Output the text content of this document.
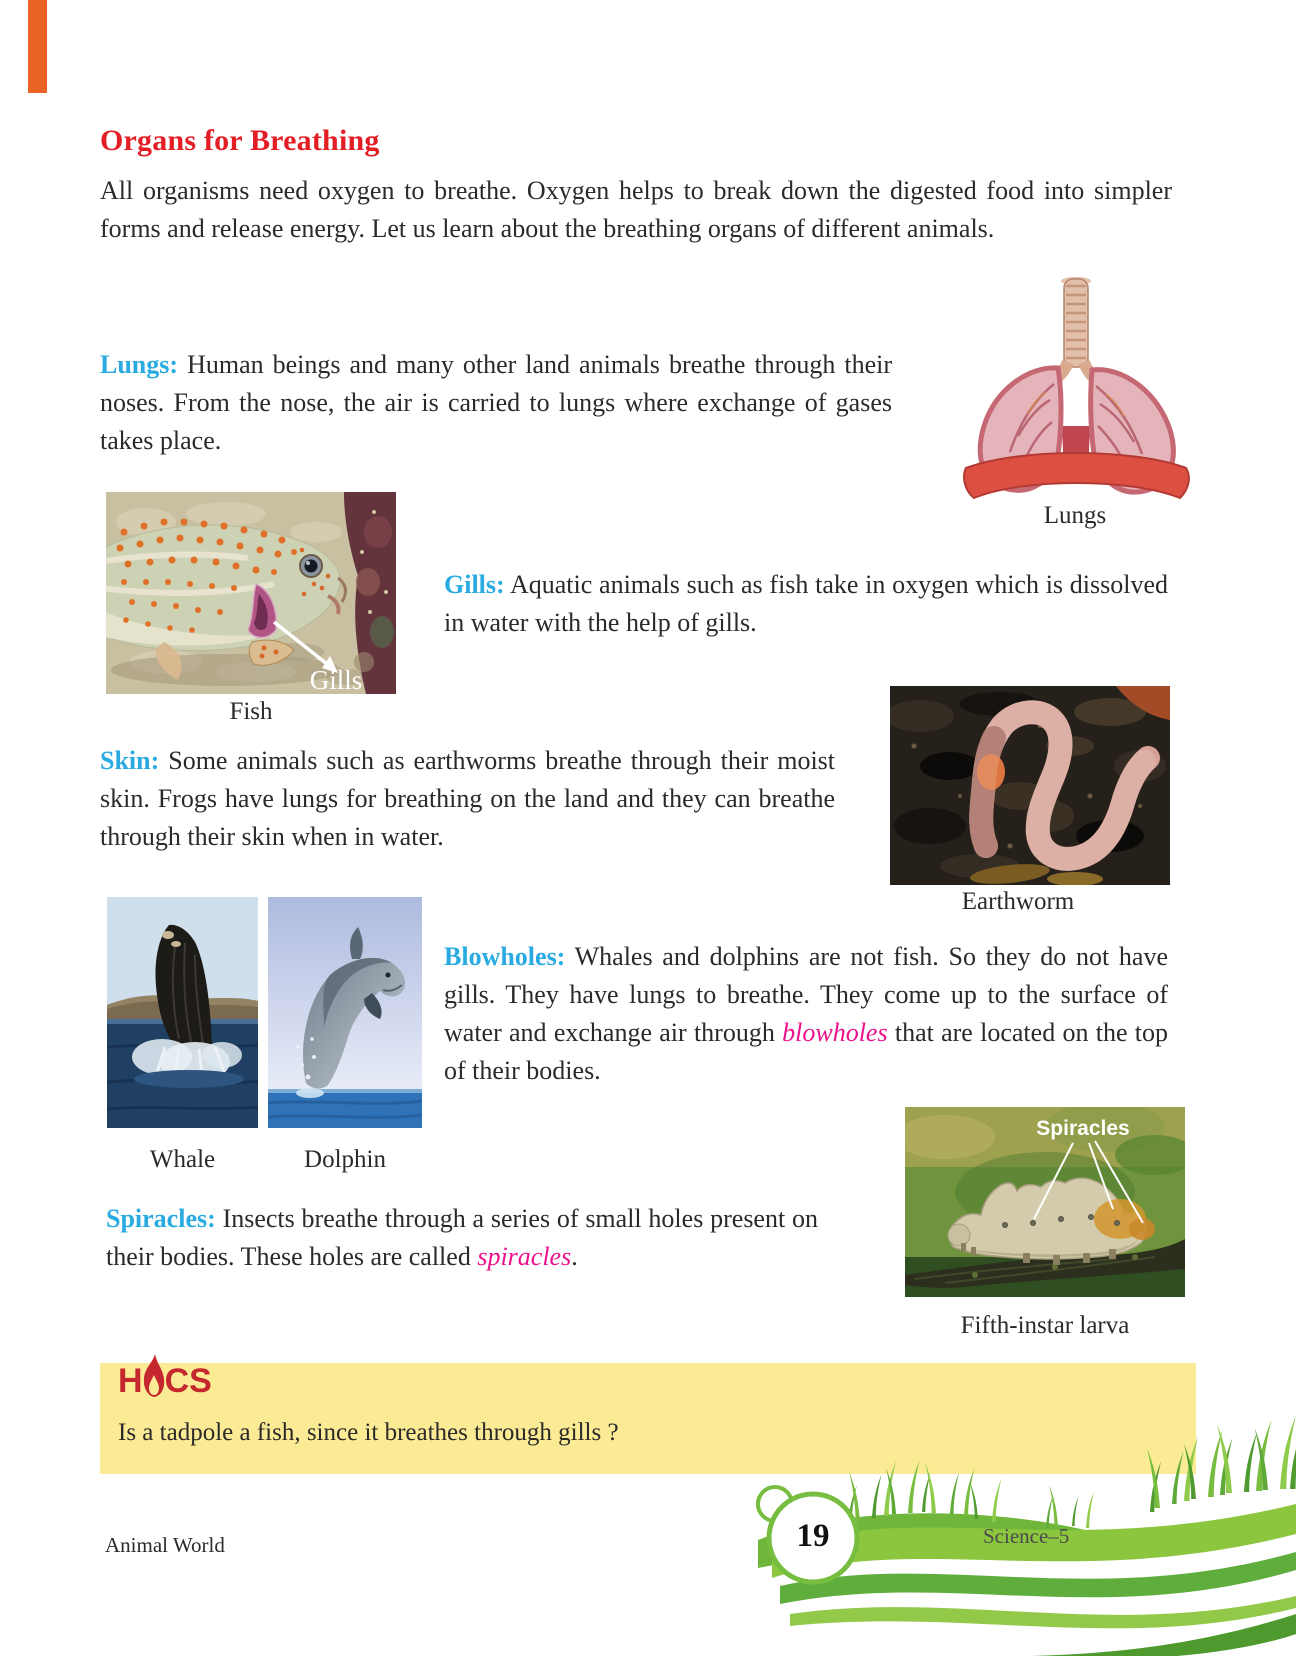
Organs for Breathing

All organisms need oxygen to breathe. Oxygen helps to break down the digested food into simpler forms and release energy. Let us learn about the breathing organs of different animals.

Lungs: Human beings and many other land animals breathe through their noses. From the nose, the air is carried to lungs where exchange of gases takes place.

Lungs

Gills

Fish

Gills: Aquatic animals such as fish take in oxygen which is dissolved in water with the help of gills.

Skin: Some animals such as earthworms breathe through their moist skin. Frogs have lungs for breathing on the land and they can breathe through their skin when in water.

Earthworm

Whale	Dolphin

Blowholes: Whales and dolphins are not fish. So they do not have gills. They have lungs to breathe. They come up to the surface of water and exchange air through blowholes that are located on the top of their bodies.

Spiracles

Fifth-instar larva

Spiracles: Insects breathe through a series of small holes present on their bodies. These holes are called spiracles.

H CS

Is a tadpole a fish, since it breathes through gills ?

Animal World	19	Science–5
